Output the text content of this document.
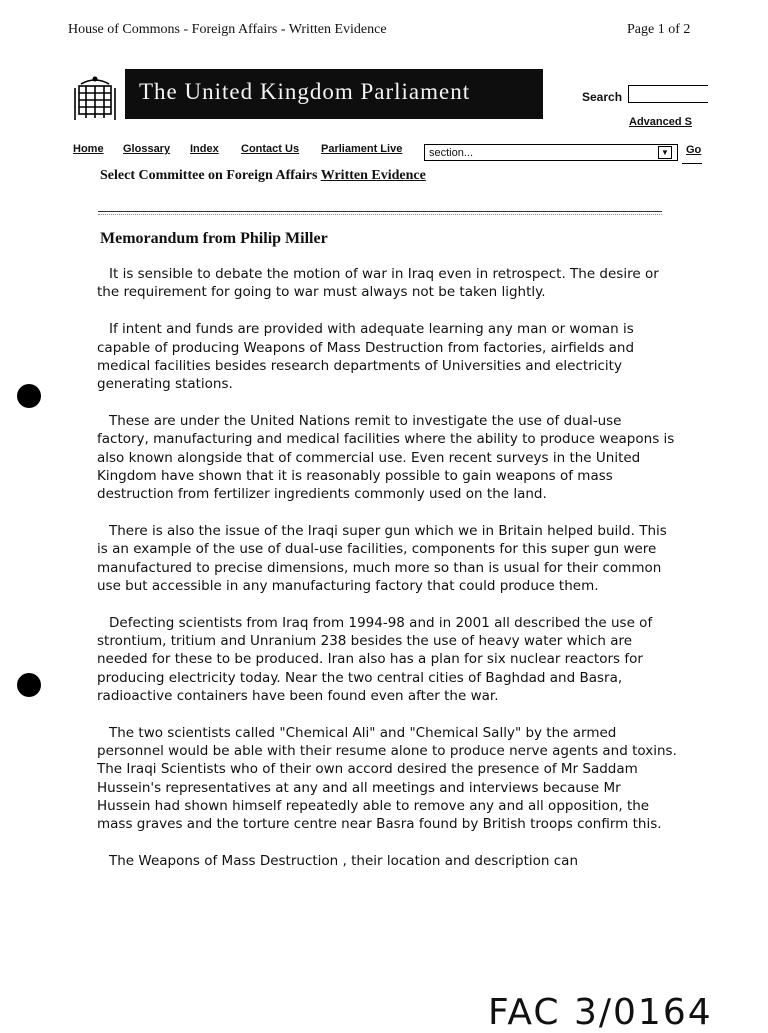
House of Commons - Foreign Affairs - Written Evidence	Page 1 of 2
The United Kingdom Parliament	Search
Advanced S
Home Glossary Index Contact Us Parliament Live	section...	▼ Go
Select Committee on Foreign Affairs Written Evidence
Memorandum from Philip Miller

It is sensible to debate the motion of war in Iraq even in retrospect. The desire or the requirement for going to war must always not be taken lightly.

If intent and funds are provided with adequate learning any man or woman is capable of producing Weapons of Mass Destruction from factories, airfields and medical facilities besides research departments of Universities and electricity generating stations.

These are under the United Nations remit to investigate the use of dual-use factory, manufacturing and medical facilities where the ability to produce weapons is also known alongside that of commercial use. Even recent surveys in the United Kingdom have shown that it is reasonably possible to gain weapons of mass destruction from fertilizer ingredients commonly used on the land.

There is also the issue of the Iraqi super gun which we in Britain helped build. This is an example of the use of dual-use facilities, components for this super gun were manufactured to precise dimensions, much more so than is usual for their common use but accessible in any manufacturing factory that could produce them.

Defecting scientists from Iraq from 1994-98 and in 2001 all described the use of strontium, tritium and Unranium 238 besides the use of heavy water which are needed for these to be produced. Iran also has a plan for six nuclear reactors for producing electricity today. Near the two central cities of Baghdad and Basra, radioactive containers have been found even after the war.

The two scientists called "Chemical Ali" and "Chemical Sally" by the armed personnel would be able with their resume alone to produce nerve agents and toxins. The Iraqi Scientists who of their own accord desired the presence of Mr Saddam Hussein's representatives at any and all meetings and interviews because Mr Hussein had shown himself repeatedly able to remove any and all opposition, the mass graves and the torture centre near Basra found by British troops confirm this.

The Weapons of Mass Destruction , their location and description can

FAC 3/0164
